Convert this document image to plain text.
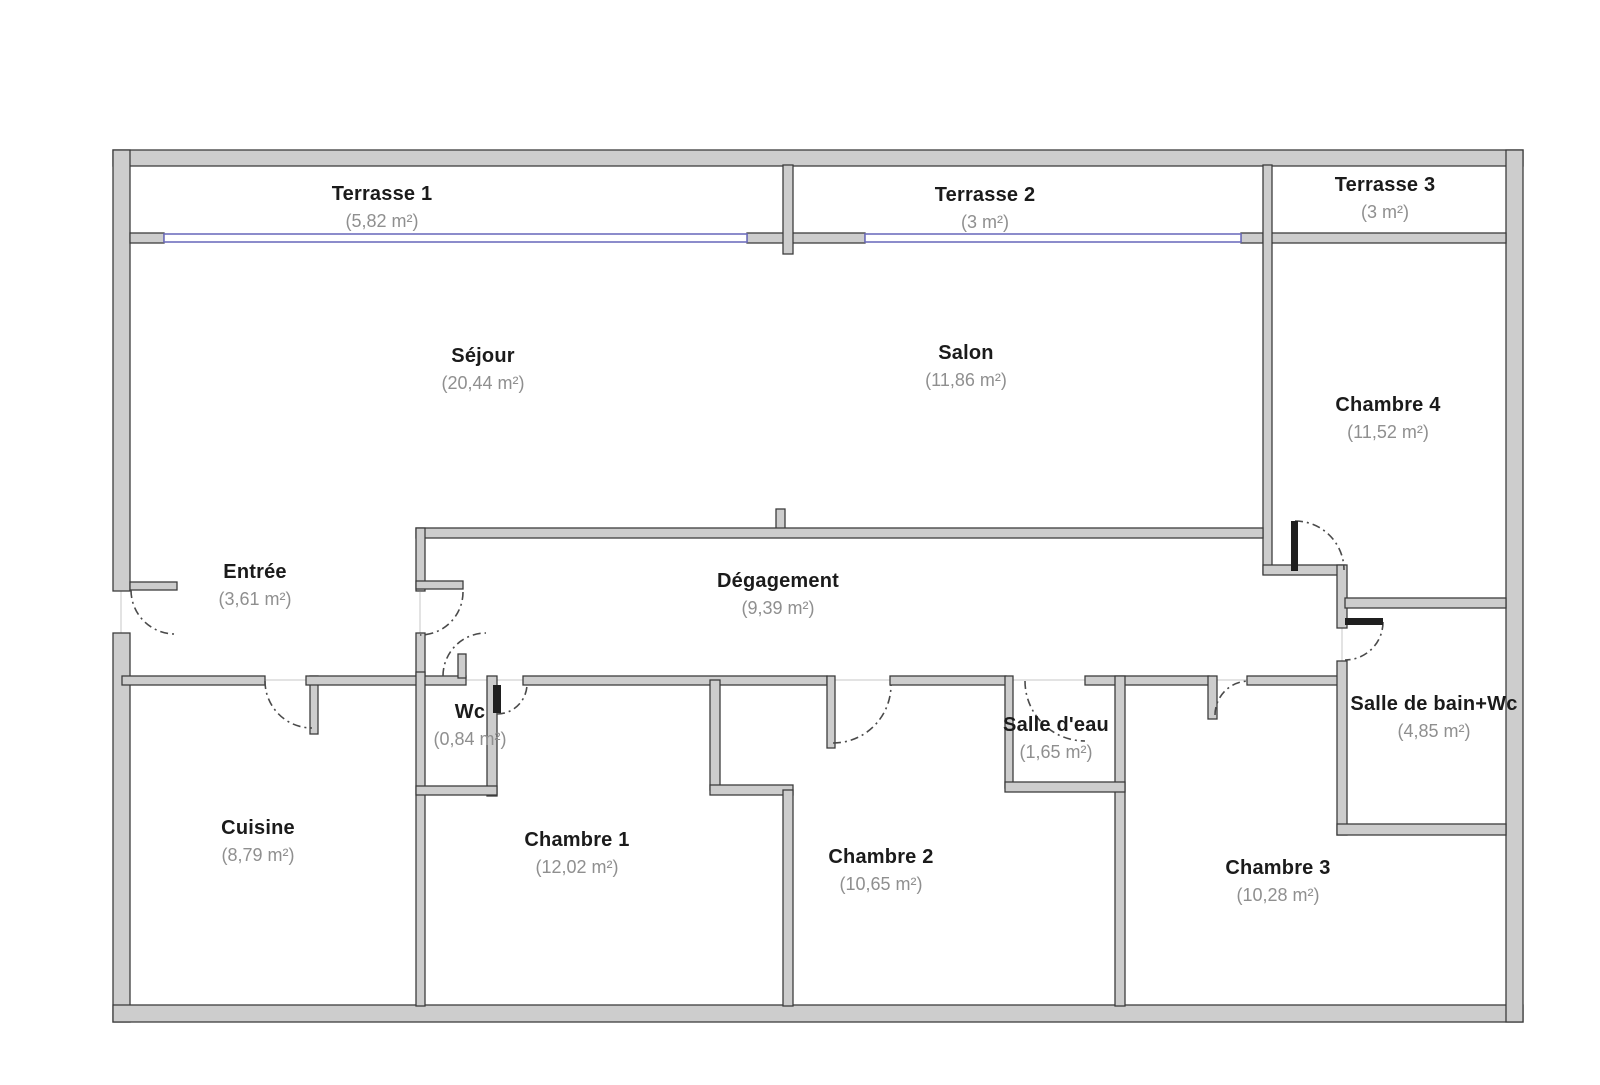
Terrasse 1
(5,82 m²)
Terrasse 2
(3 m²)
Terrasse 3
(3 m²)
Séjour
(20,44 m²)
Salon
(11,86 m²)
Chambre 4
(11,52 m²)
Entrée
(3,61 m²)
Dégagement
(9,39 m²)
Wc
(0,84 m²)
Salle d'eau
(1,65 m²)
Salle de bain+Wc
(4,85 m²)
Cuisine
(8,79 m²)
Chambre 1
(12,02 m²)	Chambre 2
(10,65 m²)
Chambre 3
(10,28 m²)
